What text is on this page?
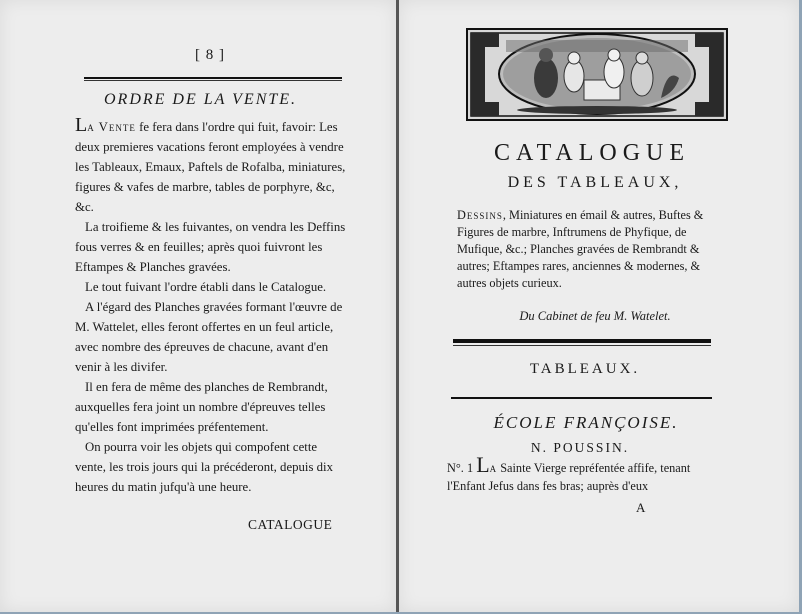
[ 8 ]
ORDRE DE LA VENTE.

La Vente fe fera dans l'ordre qui fuit, favoir: Les deux premieres vacations feront employées à vendre les Tableaux, Emaux, Paftels de Rofalba, miniatures, figures & vafes de marbre, tables de porphyre, &c, &c.

La troifieme & les fuivantes, on vendra les Deffins fous verres & en feuilles; après quoi fuivront les Eftampes & Planches gravées.

Le tout fuivant l'ordre établi dans le Catalogue.

A l'égard des Planches gravées formant l'œuvre de M. Wattelet, elles feront offertes en un feul article, avec nombre des épreuves de chacune, avant d'en venir à les divifer.

Il en fera de même des planches de Rembrandt, auxquelles fera joint un nombre d'épreuves telles qu'elles font imprimées préfentement.

On pourra voir les objets qui compofent cette vente, les trois jours qui la précéderont, depuis dix heures du matin jufqu'à une heure.

CATALOGUE
CATALOGUE
DES TABLEAUX,
Dessins, Miniatures en émail & autres, Buftes & Figures de marbre, Inftrumens de Phyfique, de Mufique, &c.; Planches gravées de Rembrandt & autres; Eftampes rares, anciennes & modernes, & autres objets curieux.
Du Cabinet de feu M. Watelet.
TABLEAUX.
ÉCOLE FRANÇOISE.
N. POUSSIN.
N°. 1 La Sainte Vierge repréfentée affife, tenant l'Enfant Jefus dans fes bras; auprès d'eux
A
